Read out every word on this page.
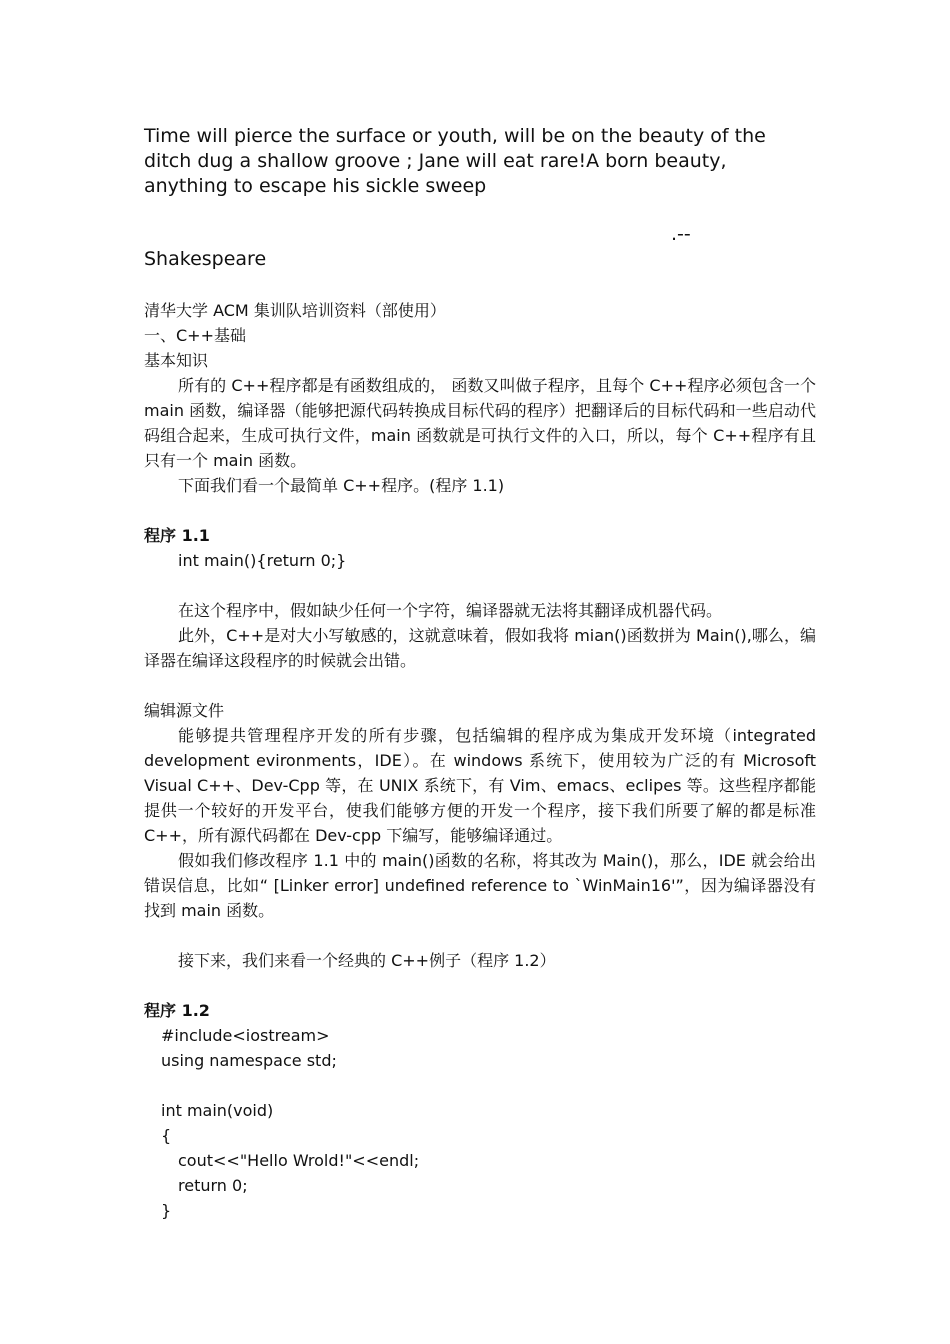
Time will pierce the surface or youth, will be on the beauty of the ditch dug a shallow groove ; Jane will eat rare!A born beauty, anything to escape his sickle sweep

.--

Shakespeare

清华大学 ACM 集训队培训资料（部使用）

一、C++基础

基本知识

所有的 C++程序都是有函数组成的， 函数又叫做子程序，且每个 C++程序必须包含一个 main 函数，编译器（能够把源代码转换成目标代码的程序）把翻译后的目标代码和一些启动代码组合起来，生成可执行文件，main 函数就是可执行文件的入口，所以，每个 C++程序有且只有一个 main 函数。

下面我们看一个最简单 C++程序。(程序 1.1)

程序 1.1

int main(){return 0;}

在这个程序中，假如缺少任何一个字符，编译器就无法将其翻译成机器代码。

此外，C++是对大小写敏感的，这就意味着，假如我将 mian()函数拼为 Main(),哪么，编译器在编译这段程序的时候就会出错。

编辑源文件

能够提共管理程序开发的所有步骤，包括编辑的程序成为集成开发环境（integrated development evironments，IDE）。在 windows 系统下，使用较为广泛的有 Microsoft Visual C++、Dev-Cpp 等，在 UNIX 系统下，有 Vim、emacs、eclipes 等。这些程序都能提供一个较好的开发平台，使我们能够方便的开发一个程序，接下我们所要了解的都是标准 C++，所有源代码都在 Dev-cpp 下编写，能够编译通过。

假如我们修改程序 1.1 中的 main()函数的名称，将其改为 Main()，那么，IDE 就会给出错误信息，比如“ [Linker error] undefined reference to `WinMain16'”，因为编译器没有找到 main 函数。

接下来，我们来看一个经典的 C++例子（程序 1.2）

程序 1.2

#include<iostream>

using namespace std;

int main(void)

{

cout<<"Hello Wrold!"<<endl;

return 0;

}
